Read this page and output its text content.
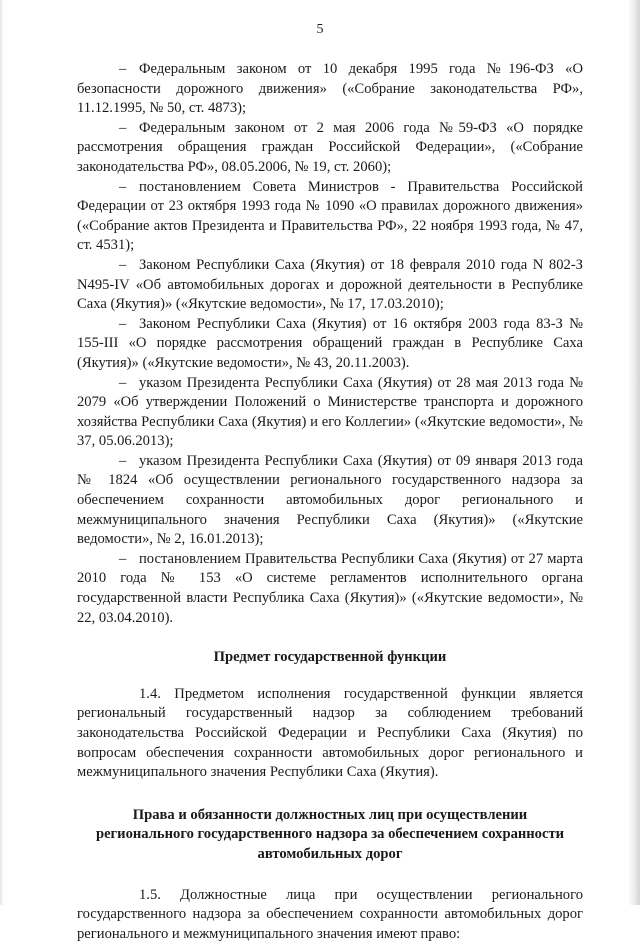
5

– Федеральным законом от 10 декабря 1995 года №196-ФЗ «О безопасности дорожного движения» («Собрание законодательства РФ», 11.12.1995, № 50, ст. 4873);

– Федеральным законом от 2 мая 2006 года №59-ФЗ «О порядке рассмотрения обращения граждан Российской Федерации», («Собрание законодательства РФ», 08.05.2006, № 19, ст. 2060);

– постановлением Совета Министров - Правительства Российской Федерации от 23 октября 1993 года № 1090 «О правилах дорожного движения» («Собрание актов Президента и Правительства РФ», 22 ноября 1993 года, № 47, ст. 4531);

– Законом Республики Саха (Якутия) от 18 февраля 2010 года N 802-З N495-IV «Об автомобильных дорогах и дорожной деятельности в Республике Саха (Якутия)» («Якутские ведомости», № 17, 17.03.2010);

– Законом Республики Саха (Якутия) от 16 октября 2003 года 83-З № 155-III «О порядке рассмотрения обращений граждан в Республике Саха (Якутия)» («Якутские ведомости», № 43, 20.11.2003).

– указом Президента Республики Саха (Якутия) от 28 мая 2013 года № 2079 «Об утверждении Положений о Министерстве транспорта и дорожного хозяйства Республики Саха (Якутия) и его Коллегии» («Якутские ведомости», № 37, 05.06.2013);

– указом Президента Республики Саха (Якутия) от 09 января 2013 года № 1824 «Об осуществлении регионального государственного надзора за обеспечением сохранности автомобильных дорог регионального и межмуниципального значения Республики Саха (Якутия)» («Якутские ведомости», № 2, 16.01.2013);

– постановлением Правительства Республики Саха (Якутия) от 27 марта 2010 года № 153 «О системе регламентов исполнительного органа государственной власти Республика Саха (Якутия)» («Якутские ведомости», № 22, 03.04.2010).

Предмет государственной функции

1.4. Предметом исполнения государственной функции является региональный государственный надзор за соблюдением требований законодательства Российской Федерации и Республики Саха (Якутия) по вопросам обеспечения сохранности автомобильных дорог регионального и межмуниципального значения Республики Саха (Якутия).

Права и обязанности должностных лиц при осуществлении
регионального государственного надзора за обеспечением сохранности
автомобильных дорог

1.5. Должностные лица при осуществлении регионального государственного надзора за обеспечением сохранности автомобильных дорог регионального и межмуниципального значения имеют право:
